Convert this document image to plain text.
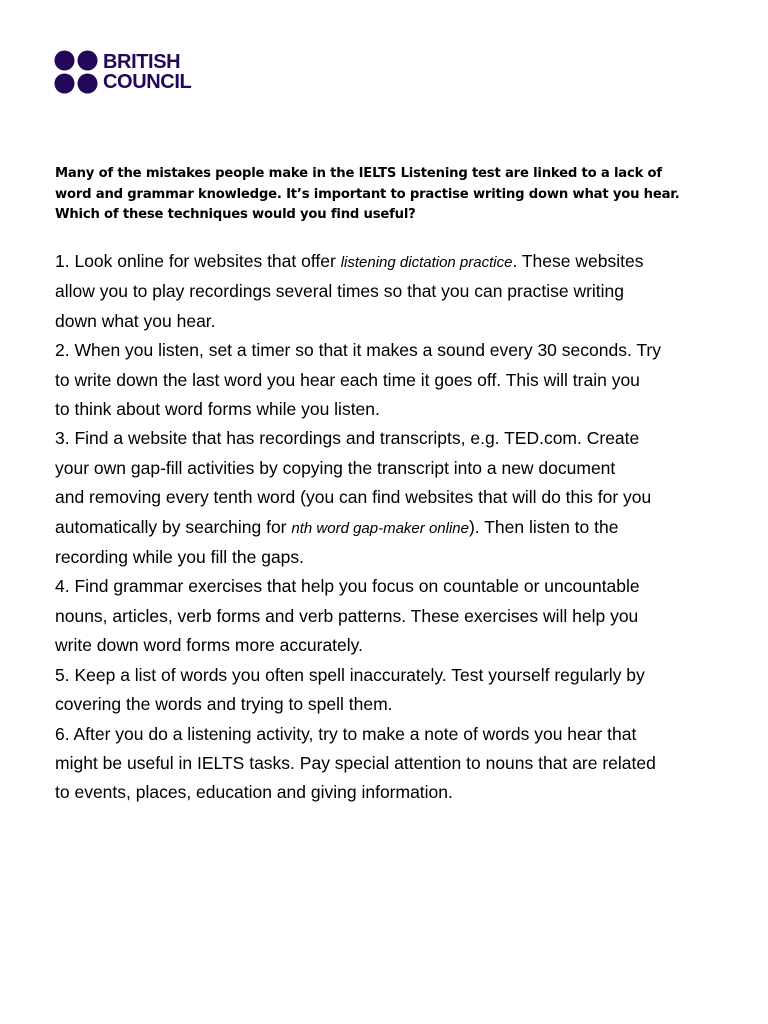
BRITISH
COUNCIL

Many of the mistakes people make in the IELTS Listening test are linked to a lack of

word and grammar knowledge. It’s important to practise writing down what you hear.

Which of these techniques would you find useful?

1. Look online for websites that offer listening dictation practice. These websites
allow you to play recordings several times so that you can practise writing
down what you hear.

2. When you listen, set a timer so that it makes a sound every 30 seconds. Try
to write down the last word you hear each time it goes off. This will train you
to think about word forms while you listen.

3. Find a website that has recordings and transcripts, e.g. TED.com. Create
your own gap-fill activities by copying the transcript into a new document
and removing every tenth word (you can find websites that will do this for you
automatically by searching for nth word gap-maker online). Then listen to the
recording while you fill the gaps.

4. Find grammar exercises that help you focus on countable or uncountable
nouns, articles, verb forms and verb patterns. These exercises will help you
write down word forms more accurately.

5. Keep a list of words you often spell inaccurately. Test yourself regularly by
covering the words and trying to spell them.

6. After you do a listening activity, try to make a note of words you hear that
might be useful in IELTS tasks. Pay special attention to nouns that are related
to events, places, education and giving information.
